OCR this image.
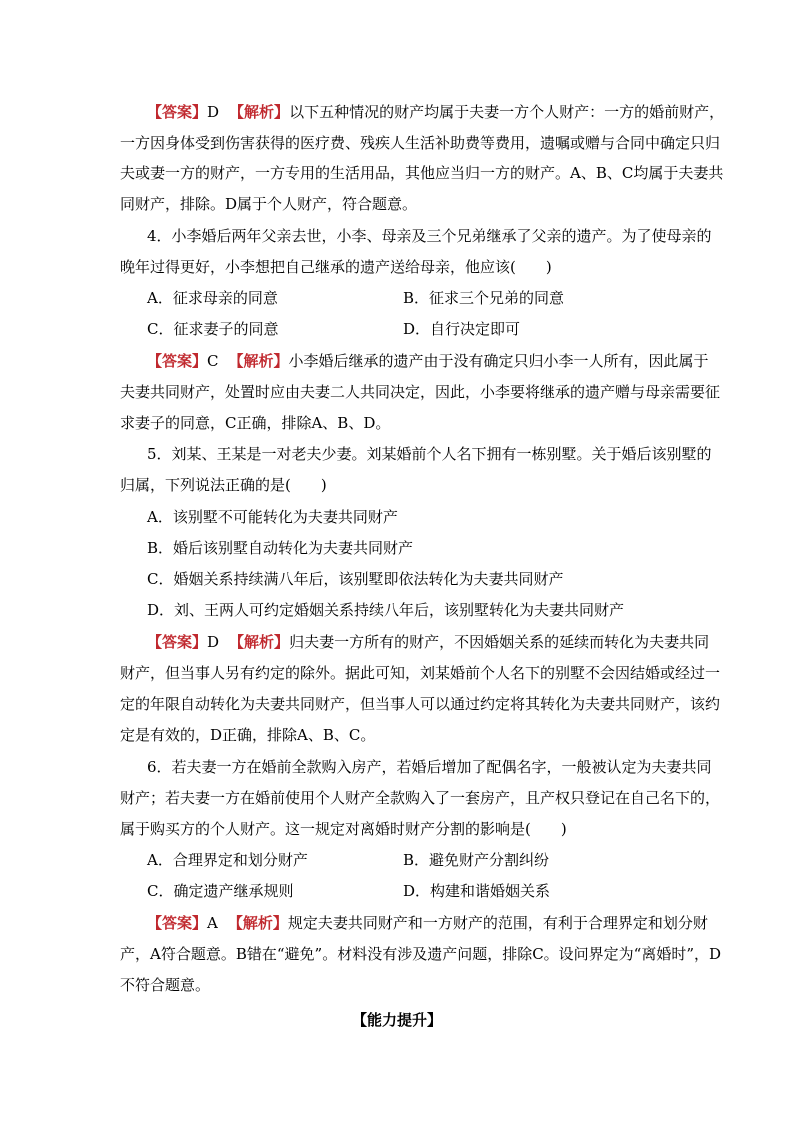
【答案】D 【解析】以下五种情况的财产均属于夫妻一方个人财产：一方的婚前财产，
一方因身体受到伤害获得的医疗费、残疾人生活补助费等费用，遗嘱或赠与合同中确定只归
夫或妻一方的财产，一方专用的生活用品，其他应当归一方的财产。A、B、C均属于夫妻共
同财产，排除。D属于个人财产，符合题意。
4．小李婚后两年父亲去世，小李、母亲及三个兄弟继承了父亲的遗产。为了使母亲的
晚年过得更好，小李想把自己继承的遗产送给母亲，他应该(　　)
A．征求母亲的同意	B．征求三个兄弟的同意
C．征求妻子的同意	D．自行决定即可
【答案】C 【解析】小李婚后继承的遗产由于没有确定只归小李一人所有，因此属于
夫妻共同财产，处置时应由夫妻二人共同决定，因此，小李要将继承的遗产赠与母亲需要征
求妻子的同意，C正确，排除A、B、D。
5．刘某、王某是一对老夫少妻。刘某婚前个人名下拥有一栋别墅。关于婚后该别墅的
归属，下列说法正确的是(　　)
A．该别墅不可能转化为夫妻共同财产
B．婚后该别墅自动转化为夫妻共同财产
C．婚姻关系持续满八年后，该别墅即依法转化为夫妻共同财产
D．刘、王两人可约定婚姻关系持续八年后，该别墅转化为夫妻共同财产
【答案】D 【解析】归夫妻一方所有的财产，不因婚姻关系的延续而转化为夫妻共同
财产，但当事人另有约定的除外。据此可知，刘某婚前个人名下的别墅不会因结婚或经过一
定的年限自动转化为夫妻共同财产，但当事人可以通过约定将其转化为夫妻共同财产，该约
定是有效的，D正确，排除A、B、C。
6．若夫妻一方在婚前全款购入房产，若婚后增加了配偶名字，一般被认定为夫妻共同
财产；若夫妻一方在婚前使用个人财产全款购入了一套房产，且产权只登记在自己名下的，
属于购买方的个人财产。这一规定对离婚时财产分割的影响是(　　)
A．合理界定和划分财产	B．避免财产分割纠纷
C．确定遗产继承规则	D．构建和谐婚姻关系
【答案】A 【解析】规定夫妻共同财产和一方财产的范围，有利于合理界定和划分财
产，A符合题意。B错在“避免”。材料没有涉及遗产问题，排除C。设问界定为“离婚时”，D
不符合题意。
【能力提升】
